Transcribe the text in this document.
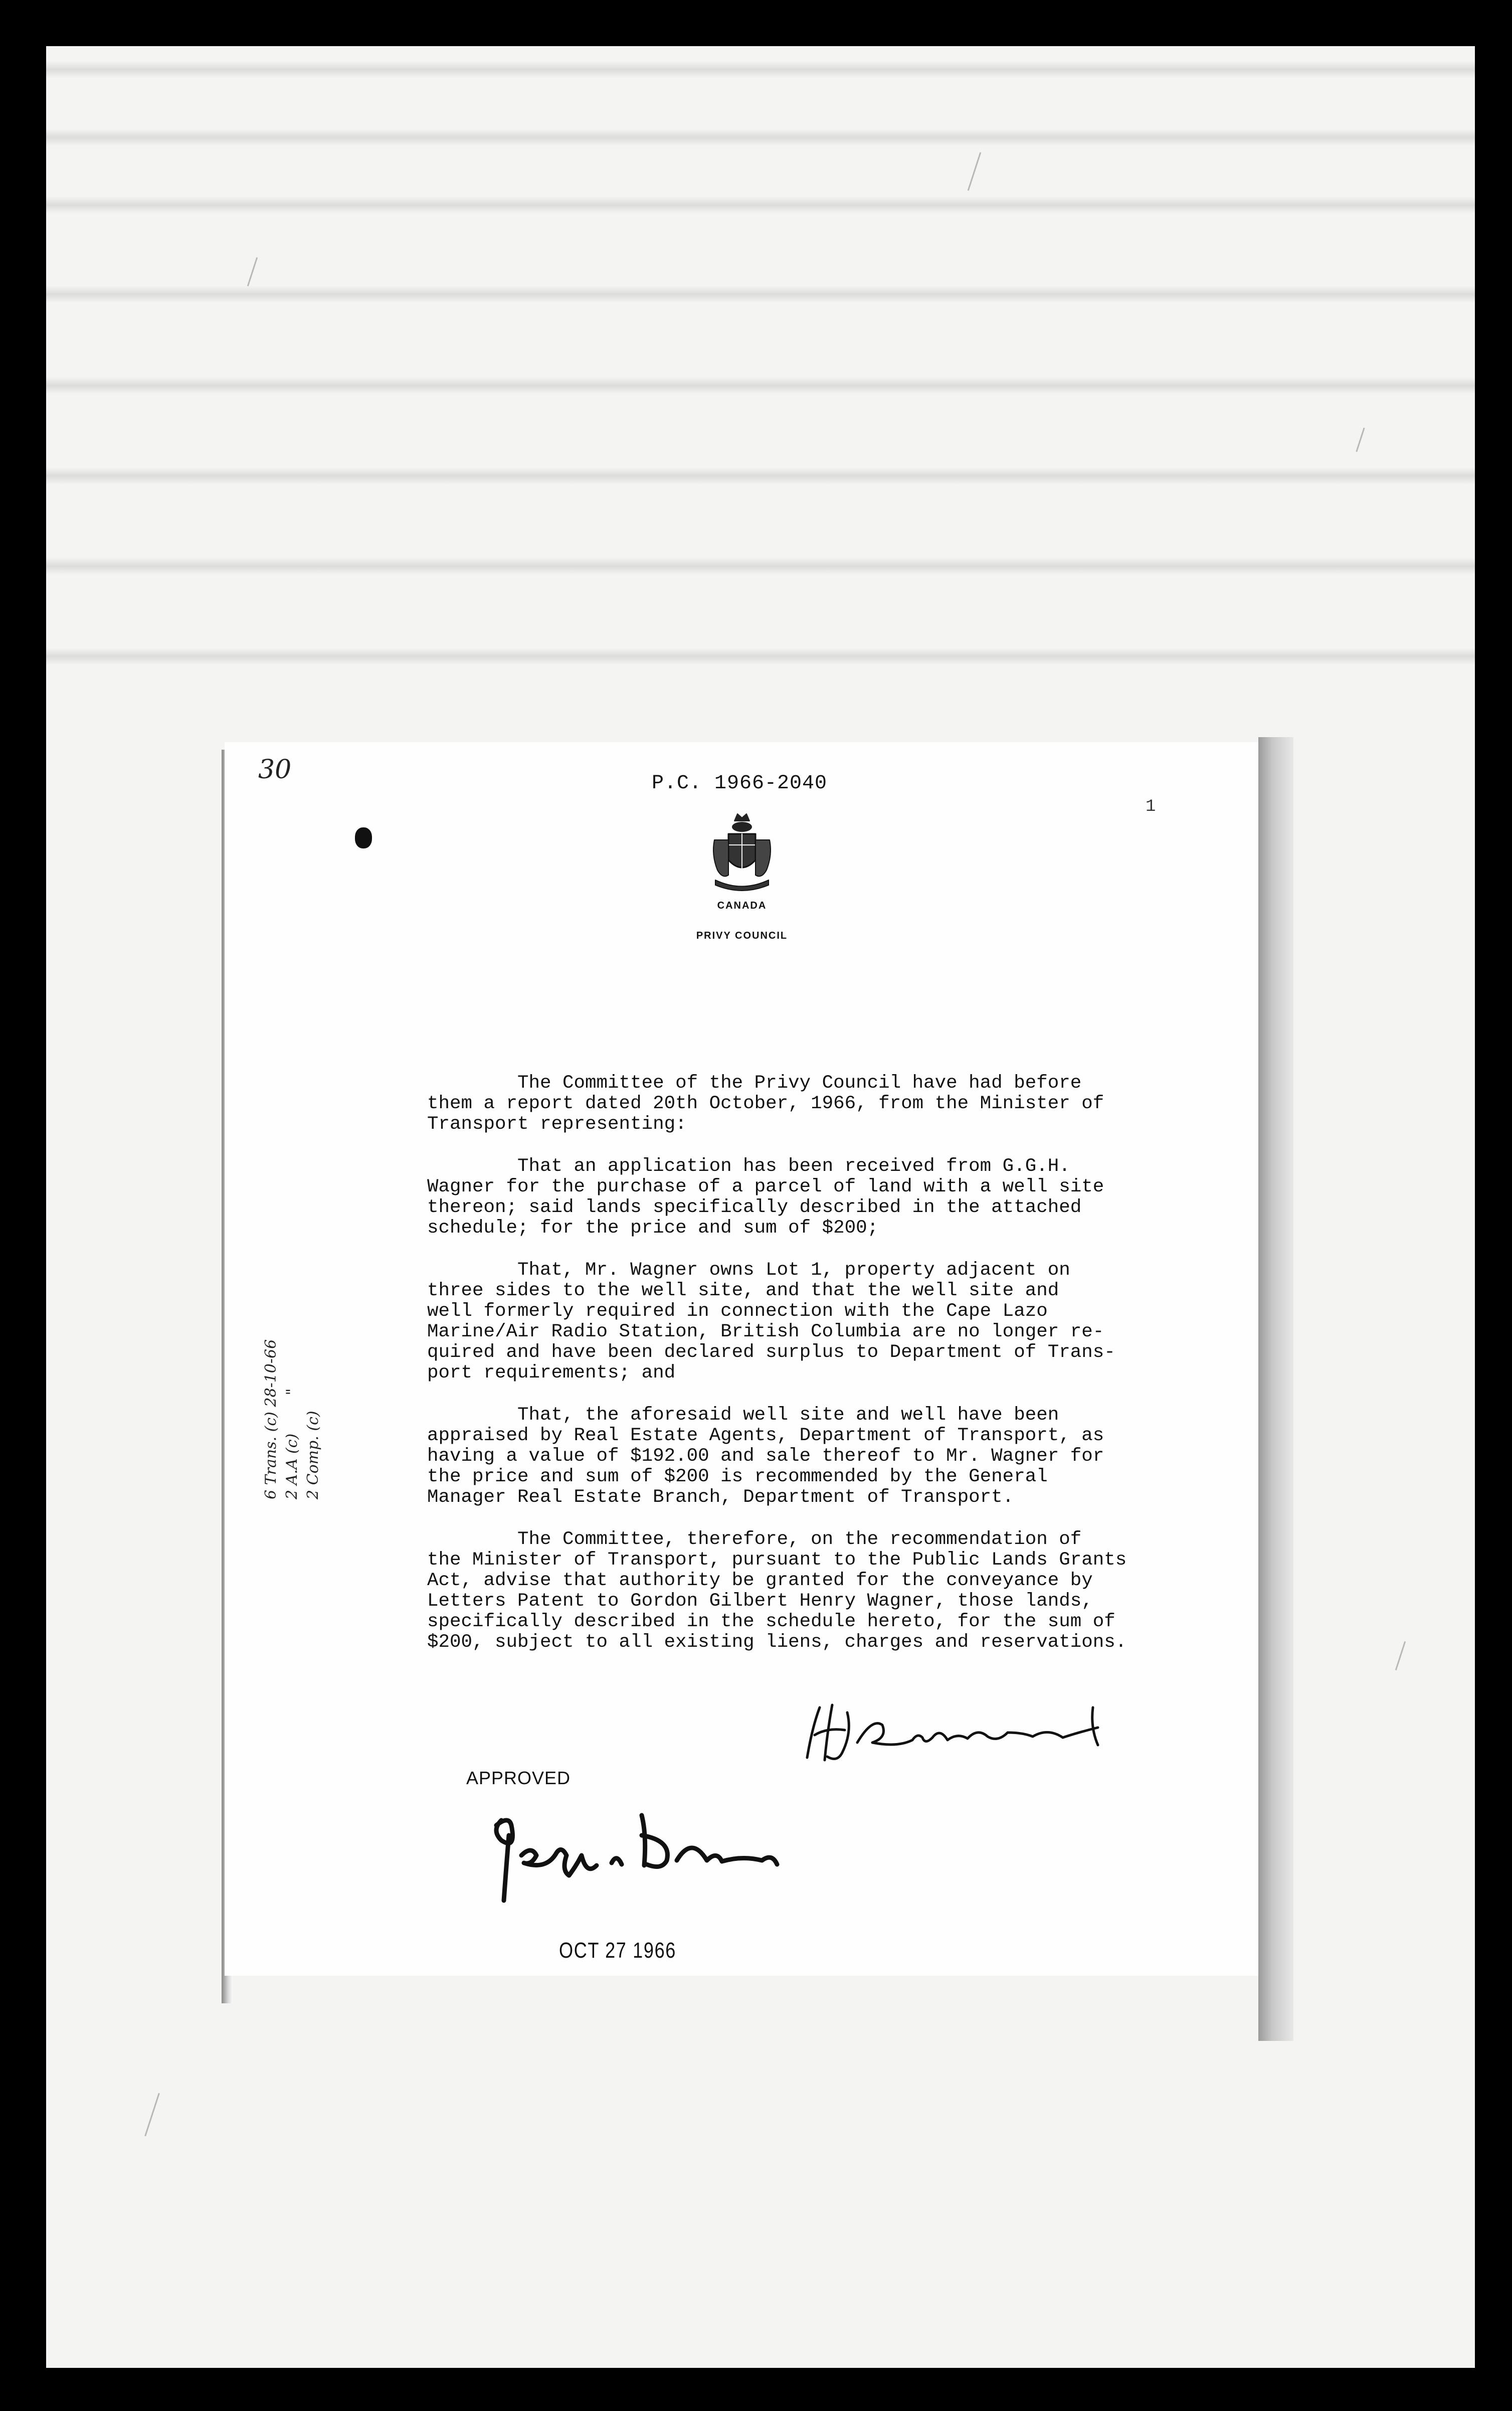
30	P.C. 1966-2040
1
CANADA
PRIVY COUNCIL

The Committee of the Privy Council have had before
them a report dated 20th October, 1966, from the Minister of
Transport representing:

That an application has been received from G.G.H.
Wagner for the purchase of a parcel of land with a well site
thereon; said lands specifically described in the attached
schedule; for the price and sum of $200;

That, Mr. Wagner owns Lot 1, property adjacent on
three sides to the well site, and that the well site and
well formerly required in connection with the Cape Lazo
Marine/Air Radio Station, British Columbia are no longer re-
quired and have been declared surplus to Department of Trans-
port requirements; and

That, the aforesaid well site and well have been
appraised by Real Estate Agents, Department of Transport, as
having a value of $192.00 and sale thereof to Mr. Wagner for
the price and sum of $200 is recommended by the General
Manager Real Estate Branch, Department of Transport.

The Committee, therefore, on the recommendation of
the Minister of Transport, pursuant to the Public Lands Grants
Act, advise that authority be granted for the conveyance by
Letters Patent to Gordon Gilbert Henry Wagner, those lands,
specifically described in the schedule hereto, for the sum of
$200, subject to all existing liens, charges and reservations.

6 Trans. (c) 28-10-66 2 A.A (c)        " 2 Comp. (c)
APPROVED
OCT 27 1966
